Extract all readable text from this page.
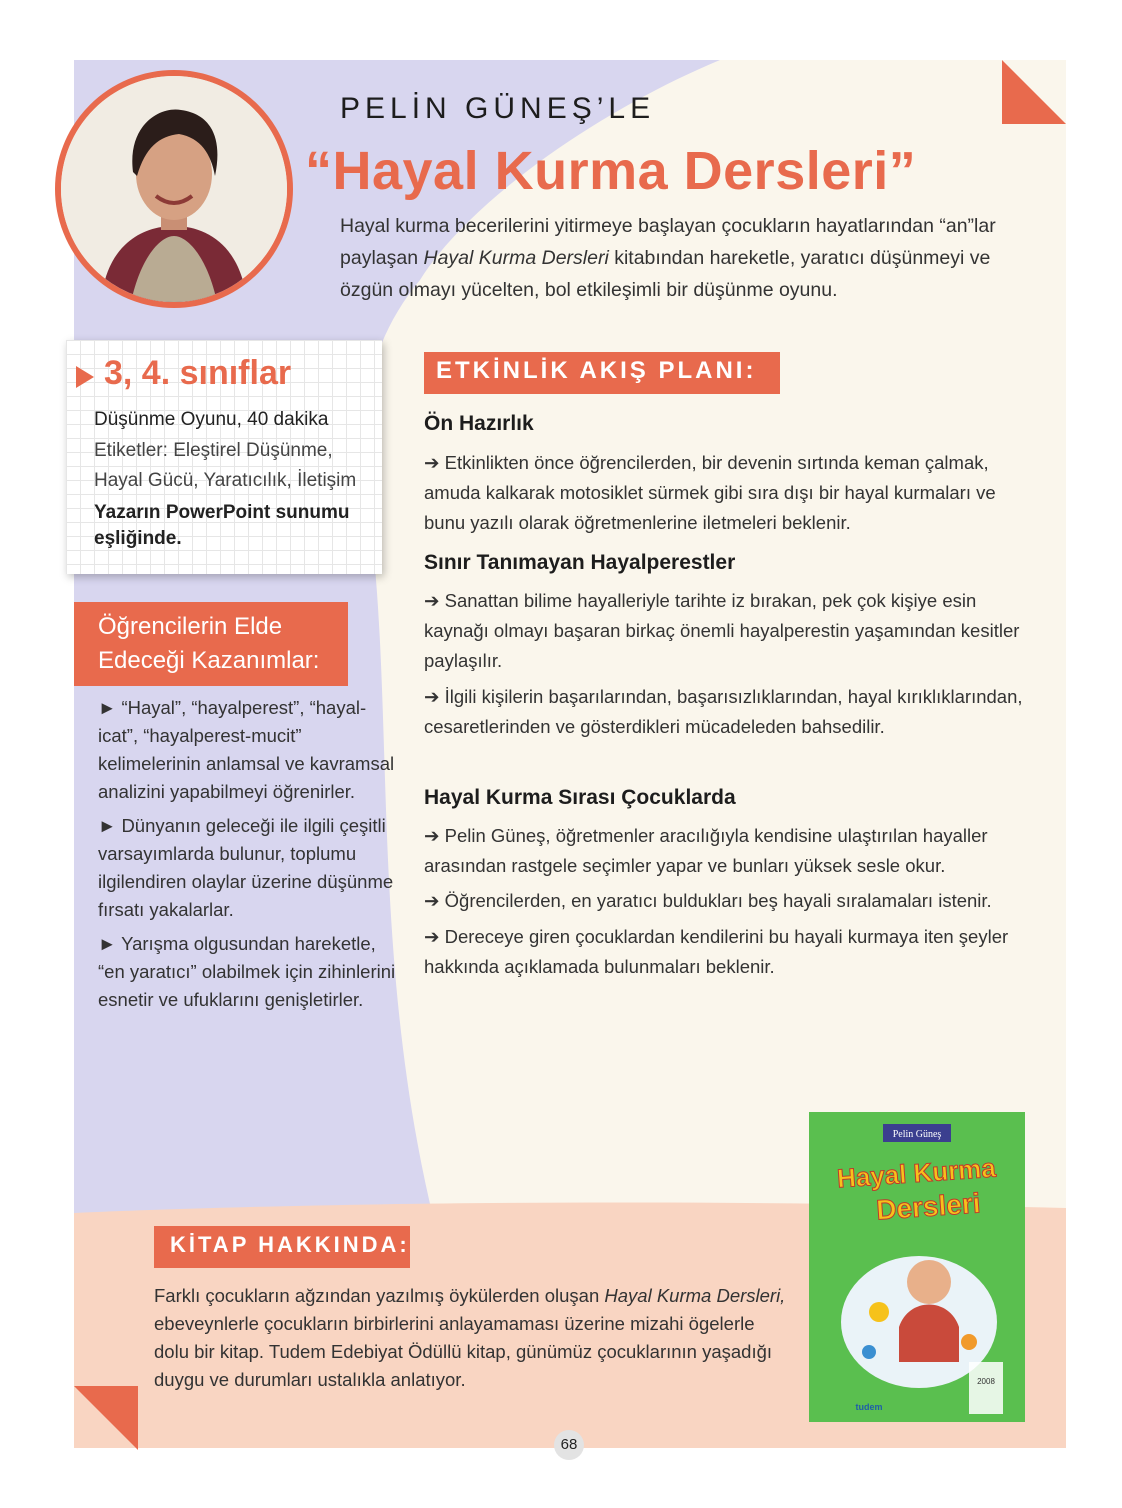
PELİN GÜNEŞ’LE
“Hayal Kurma Dersleri”
Hayal kurma becerilerini yitirmeye başlayan çocukların hayatlarından “an”lar paylaşan Hayal Kurma Dersleri kitabından hareketle, yaratıcı düşünmeyi ve özgün olmayı yücelten, bol etkileşimli bir düşünme oyunu.
3, 4. sınıflar
Düşünme Oyunu, 40 dakika
Etiketler: Eleştirel Düşünme,
Hayal Gücü, Yaratıcılık, İletişim
Yazarın PowerPoint sunumu eşliğinde.
Öğrencilerin Elde
Edeceği Kazanımlar:

► “Hayal”, “hayalperest”, “hayal-icat”, “hayalperest-mucit” kelimelerinin anlamsal ve kavramsal analizini yapabilmeyi öğrenirler.

► Dünyanın geleceği ile ilgili çeşitli varsayımlarda bulunur, toplumu ilgilendiren olaylar üzerine düşünme fırsatı yakalarlar.

► Yarışma olgusundan hareketle, “en yaratıcı” olabilmek için zihinlerini esnetir ve ufuklarını genişletirler.

ETKİNLİK AKIŞ PLANI:
Ön Hazırlık
➔ Etkinlikten önce öğrencilerden, bir devenin sırtında keman çalmak, amuda kalkarak motosiklet sürmek gibi sıra dışı bir hayal kurmaları ve bunu yazılı olarak öğretmenlerine iletmeleri beklenir.
Sınır Tanımayan Hayalperestler
➔ Sanattan bilime hayalleriyle tarihte iz bırakan, pek çok kişiye esin kaynağı olmayı başaran birkaç önemli hayalperestin yaşamından kesitler paylaşılır.
➔ İlgili kişilerin başarılarından, başarısızlıklarından, hayal kırıklıklarından, cesaretlerinden ve gösterdikleri mücadeleden bahsedilir.
Hayal Kurma Sırası Çocuklarda
➔ Pelin Güneş, öğretmenler aracılığıyla kendisine ulaştırılan hayaller arasından rastgele seçimler yapar ve bunları yüksek sesle okur.
➔ Öğrencilerden, en yaratıcı buldukları beş hayali sıralamaları istenir.
➔ Dereceye giren çocuklardan kendilerini bu hayali kurmaya iten şeyler hakkında açıklamada bulunmaları beklenir.
KİTAP HAKKINDA:
Farklı çocukların ağzından yazılmış öykülerden oluşan Hayal Kurma Dersleri, ebeveynlerle çocukların birbirlerini anlayamaması üzerine mizahi ögelerle dolu bir kitap. Tudem Edebiyat Ödüllü kitap, günümüz çocuklarının yaşadığı duygu ve durumları ustalıkla anlatıyor.
Pelin Güneş
Hayal Kurma
Dersleri
2008
tudem
68
